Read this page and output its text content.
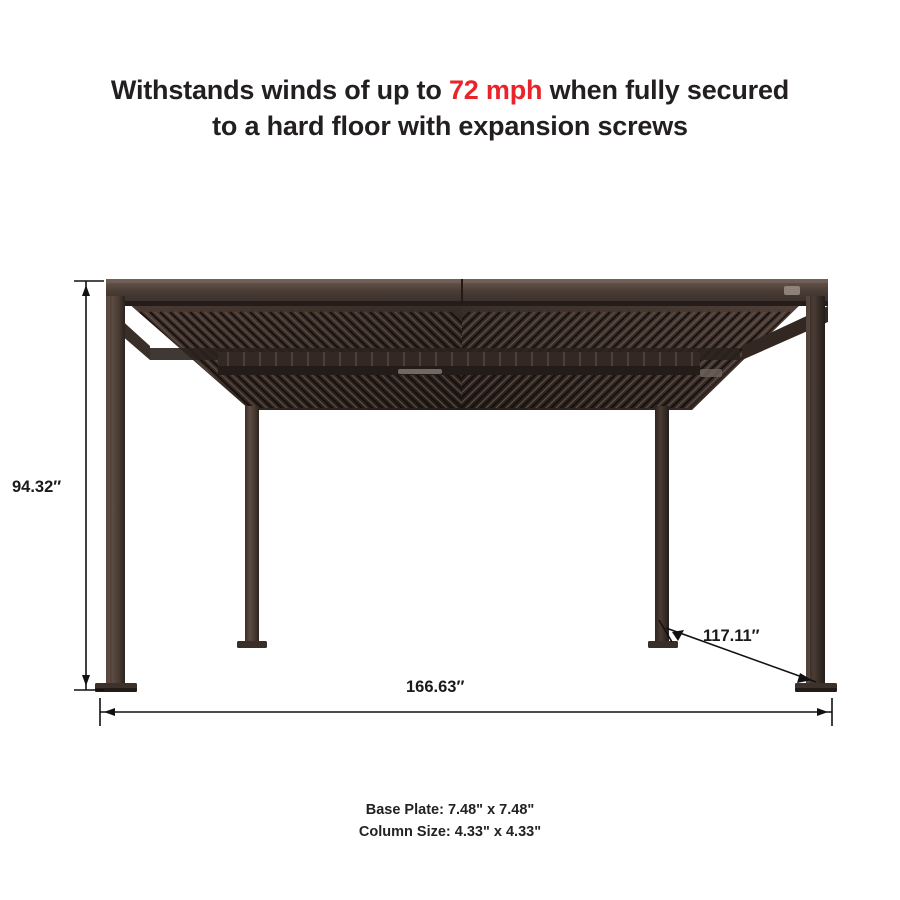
Withstands winds of up to 72 mph when fully secured
to a hard floor with expansion screws
94.32″
166.63″
117.11″
Base Plate: 7.48" x 7.48"
Column Size: 4.33" x 4.33"
